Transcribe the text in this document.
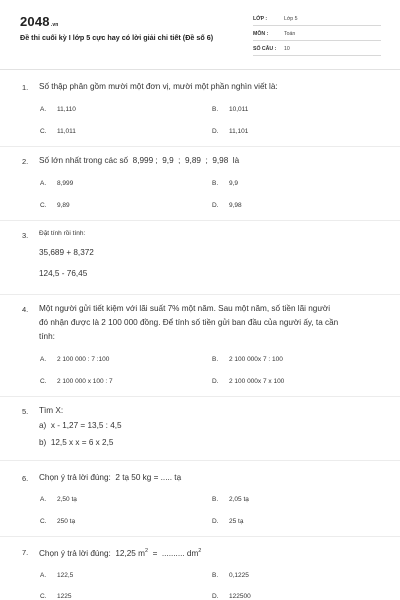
2048.vn
Đề thi cuối kỳ I lớp 5 cực hay có lời giải chi tiết (Đề số 6)
LỚP :	Lớp 5
MÔN :	Toán
SỐ CÂU : 10
1. Số thập phân gồm mười một đơn vị, mười một phần nghìn viết là:
A. 11,110	B. 10,011
C. 11,011	D. 11,101
2. Số lớn nhất trong các số  8,999 ;  9,9  ;  9,89  ;  9,98  là
A. 8,999	B. 9,9
C. 9,89	D. 9,98
3. Đặt tính rồi tính:
35,689 + 8,372
124,5 - 76,45
4. Một người gửi tiết kiệm với lãi suất 7% một năm. Sau một năm, số tiền lãi người
đó nhận được là 2 100 000 đồng. Để tính số tiền gửi ban đầu của người ấy, ta cần
tính:
A. 2 100 000 : 7 :100	B. 2 100 000x 7 : 100
C. 2 100 000 x 100 : 7	D. 2 100 000x 7 x 100
5. Tìm X:
a)  x - 1,27 = 13,5 : 4,5
b)  12,5 x x = 6 x 2,5
6. Chọn ý trả lời đúng:  2 tạ 50 kg = ..... tạ
A. 2,50 tạ	B. 2,05 tạ
C. 250 tạ	D. 25 tạ
7. Chọn ý trả lời đúng:  12,25 $m^2$  =  .......... $dm^2$
A. 122,5	B. 0,1225
C. 1225	D. 122500
